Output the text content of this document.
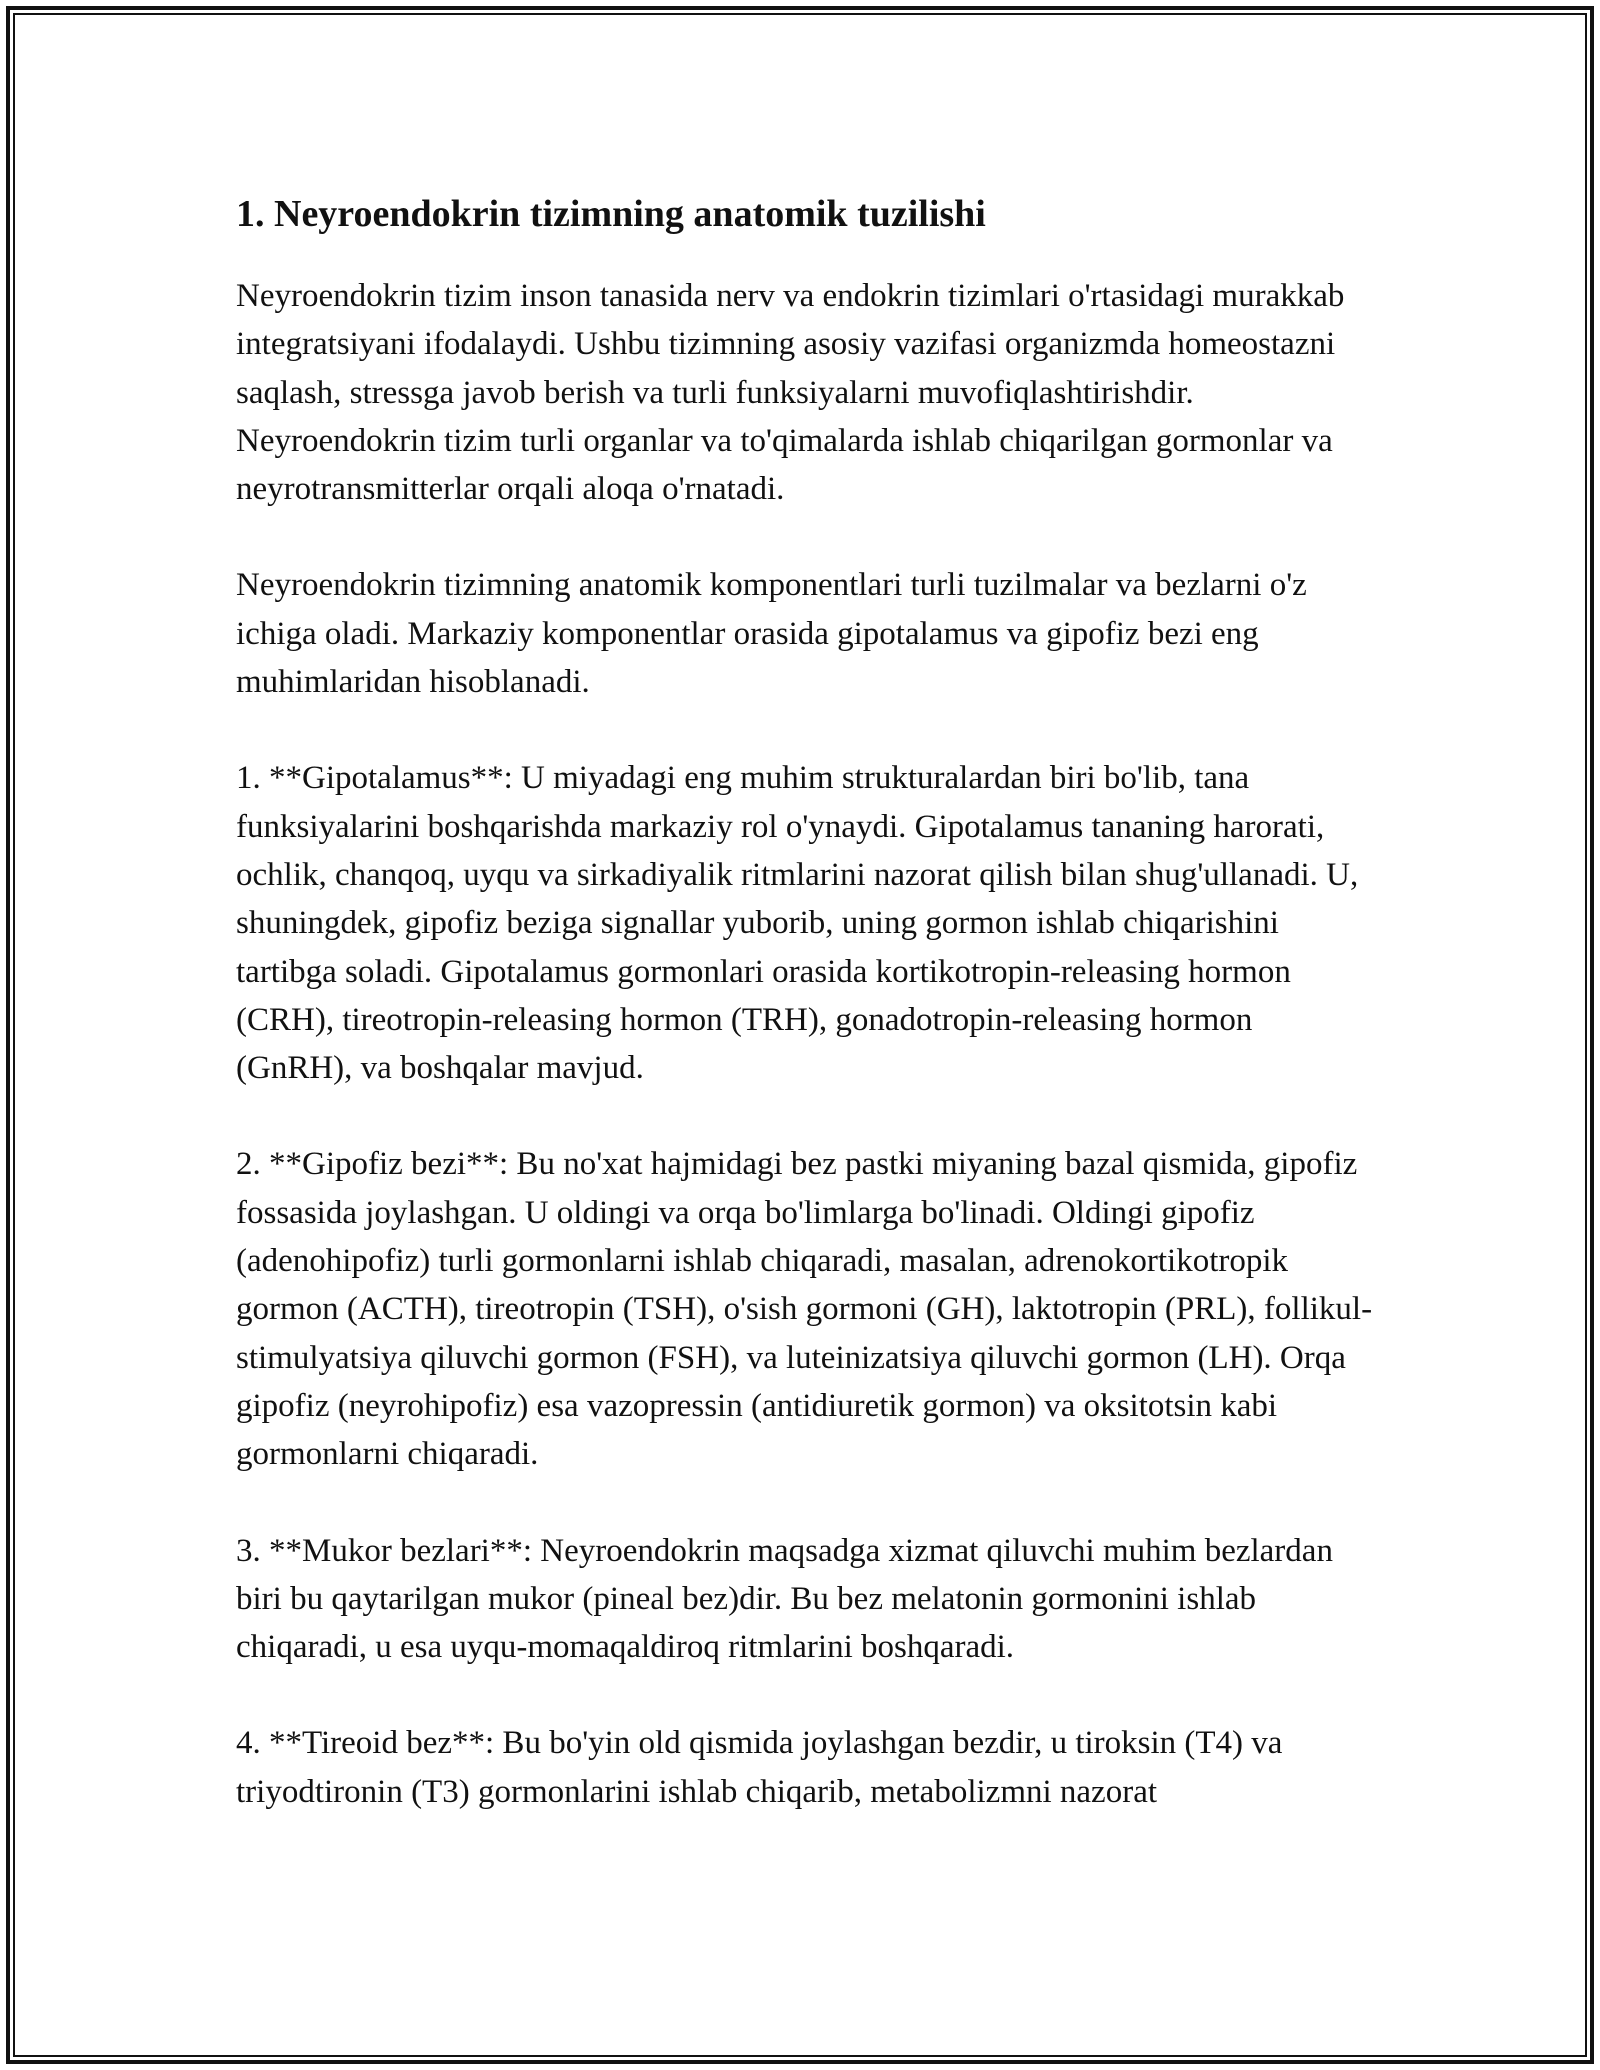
1. Neyroendokrin tizimning anatomik tuzilishi

Neyroendokrin tizim inson tanasida nerv va endokrin tizimlari o'rtasidagi murakkab integratsiyani ifodalaydi. Ushbu tizimning asosiy vazifasi organizmda homeostazni saqlash, stressga javob berish va turli funksiyalarni muvofiqlashtirishdir. Neyroendokrin tizim turli organlar va to'qimalarda ishlab chiqarilgan gormonlar va neyrotransmitterlar orqali aloqa o'rnatadi.

Neyroendokrin tizimning anatomik komponentlari turli tuzilmalar va bezlarni o'z ichiga oladi. Markaziy komponentlar orasida gipotalamus va gipofiz bezi eng muhimlaridan hisoblanadi.

1. **Gipotalamus**: U miyadagi eng muhim strukturalardan biri bo'lib, tana funksiyalarini boshqarishda markaziy rol o'ynaydi. Gipotalamus tananing harorati, ochlik, chanqoq, uyqu va sirkadiyalik ritmlarini nazorat qilish bilan shug'ullanadi. U, shuningdek, gipofiz beziga signallar yuborib, uning gormon ishlab chiqarishini tartibga soladi. Gipotalamus gormonlari orasida kortikotropin-releasing hormon (CRH), tireotropin-releasing hormon (TRH), gonadotropin-releasing hormon (GnRH), va boshqalar mavjud.

2. **Gipofiz bezi**: Bu no'xat hajmidagi bez pastki miyaning bazal qismida, gipofiz fossasida joylashgan. U oldingi va orqa bo'limlarga bo'linadi. Oldingi gipofiz (adenohipofiz) turli gormonlarni ishlab chiqaradi, masalan, adrenokortikotropik gormon (ACTH), tireotropin (TSH), o'sish gormoni (GH), laktotropin (PRL), follikul-stimulyatsiya qiluvchi gormon (FSH), va luteinizatsiya qiluvchi gormon (LH). Orqa gipofiz (neyrohipofiz) esa vazopressin (antidiuretik gormon) va oksitotsin kabi gormonlarni chiqaradi.

3. **Mukor bezlari**: Neyroendokrin maqsadga xizmat qiluvchi muhim bezlardan biri bu qaytarilgan mukor (pineal bez)dir. Bu bez melatonin gormonini ishlab chiqaradi, u esa uyqu-momaqaldiroq ritmlarini boshqaradi.

4. **Tireoid bez**: Bu bo'yin old qismida joylashgan bezdir, u tiroksin (T4) va triyodtironin (T3) gormonlarini ishlab chiqarib, metabolizmni nazorat
